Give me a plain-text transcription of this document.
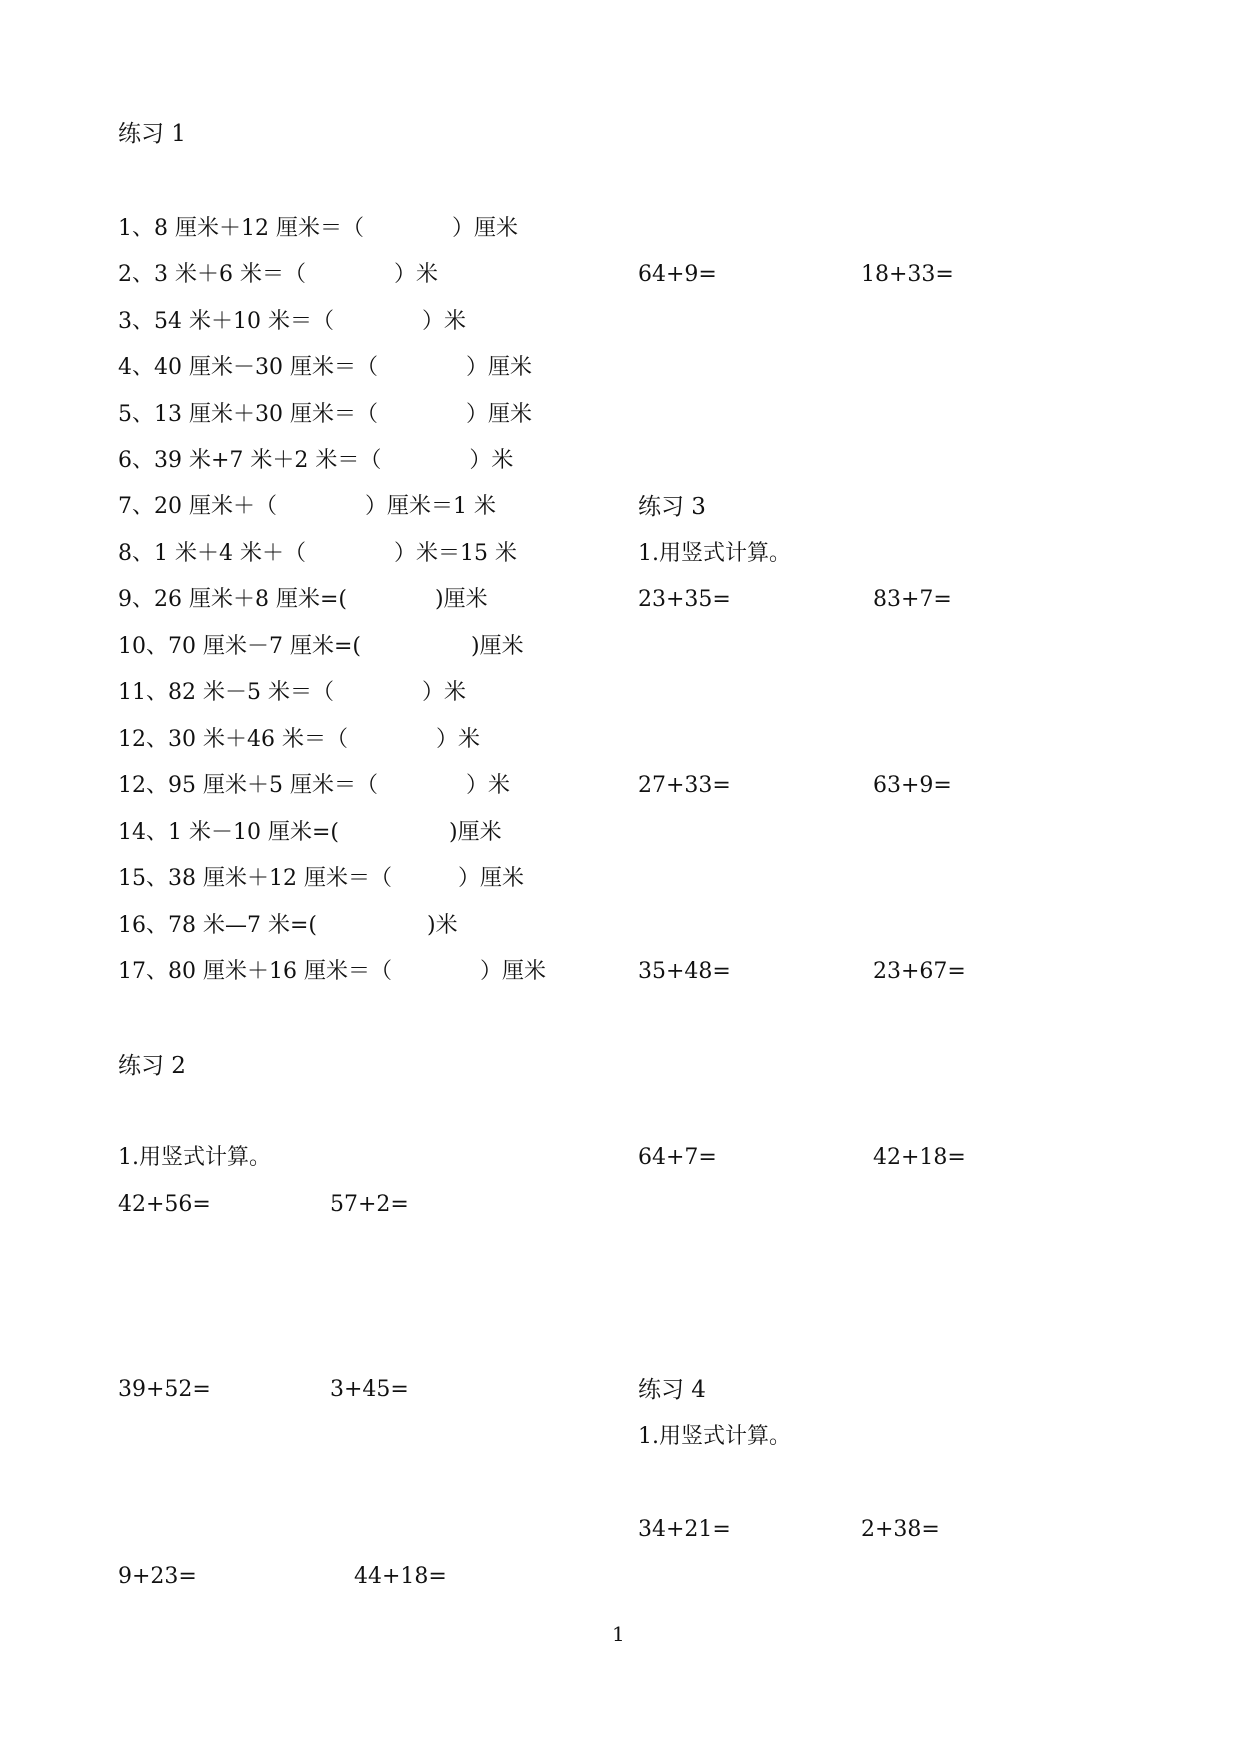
练习 1
练习 2
练习 3
练习 4
1、8 厘米＋12 厘米＝（　　　　）厘米
2、3 米＋6 米＝（　　　　）米
3、54 米＋10 米＝（　　　　）米
4、40 厘米－30 厘米＝（　　　　）厘米
5、13 厘米＋30 厘米＝（　　　　）厘米
6、39 米+7 米＋2 米＝（　　　　）米
7、20 厘米＋（　　　　）厘米＝1 米
8、1 米＋4 米＋（　　　　）米＝15 米
9、26 厘米＋8 厘米=(　　　　)厘米
10、70 厘米－7 厘米=(　　　　　)厘米
11、82 米－5 米＝（　　　　）米
12、30 米＋46 米＝（　　　　）米
12、95 厘米＋5 厘米＝（　　　　）米
14、1 米－10 厘米=(　　　　　)厘米
15、38 厘米＋12 厘米＝（　　　）厘米
16、78 米—7 米=(　　　　　)米
17、80 厘米＋16 厘米＝（　　　　）厘米
64+9=	18+33=
1.用竖式计算。
23+35=	83+7=
27+33=	63+9=
35+48=	23+67=
64+7=	42+18=
1.用竖式计算。
34+21=	2+38=
1.用竖式计算。
42+56=	57+2=
39+52=	3+45=
9+23=	44+18=
1
